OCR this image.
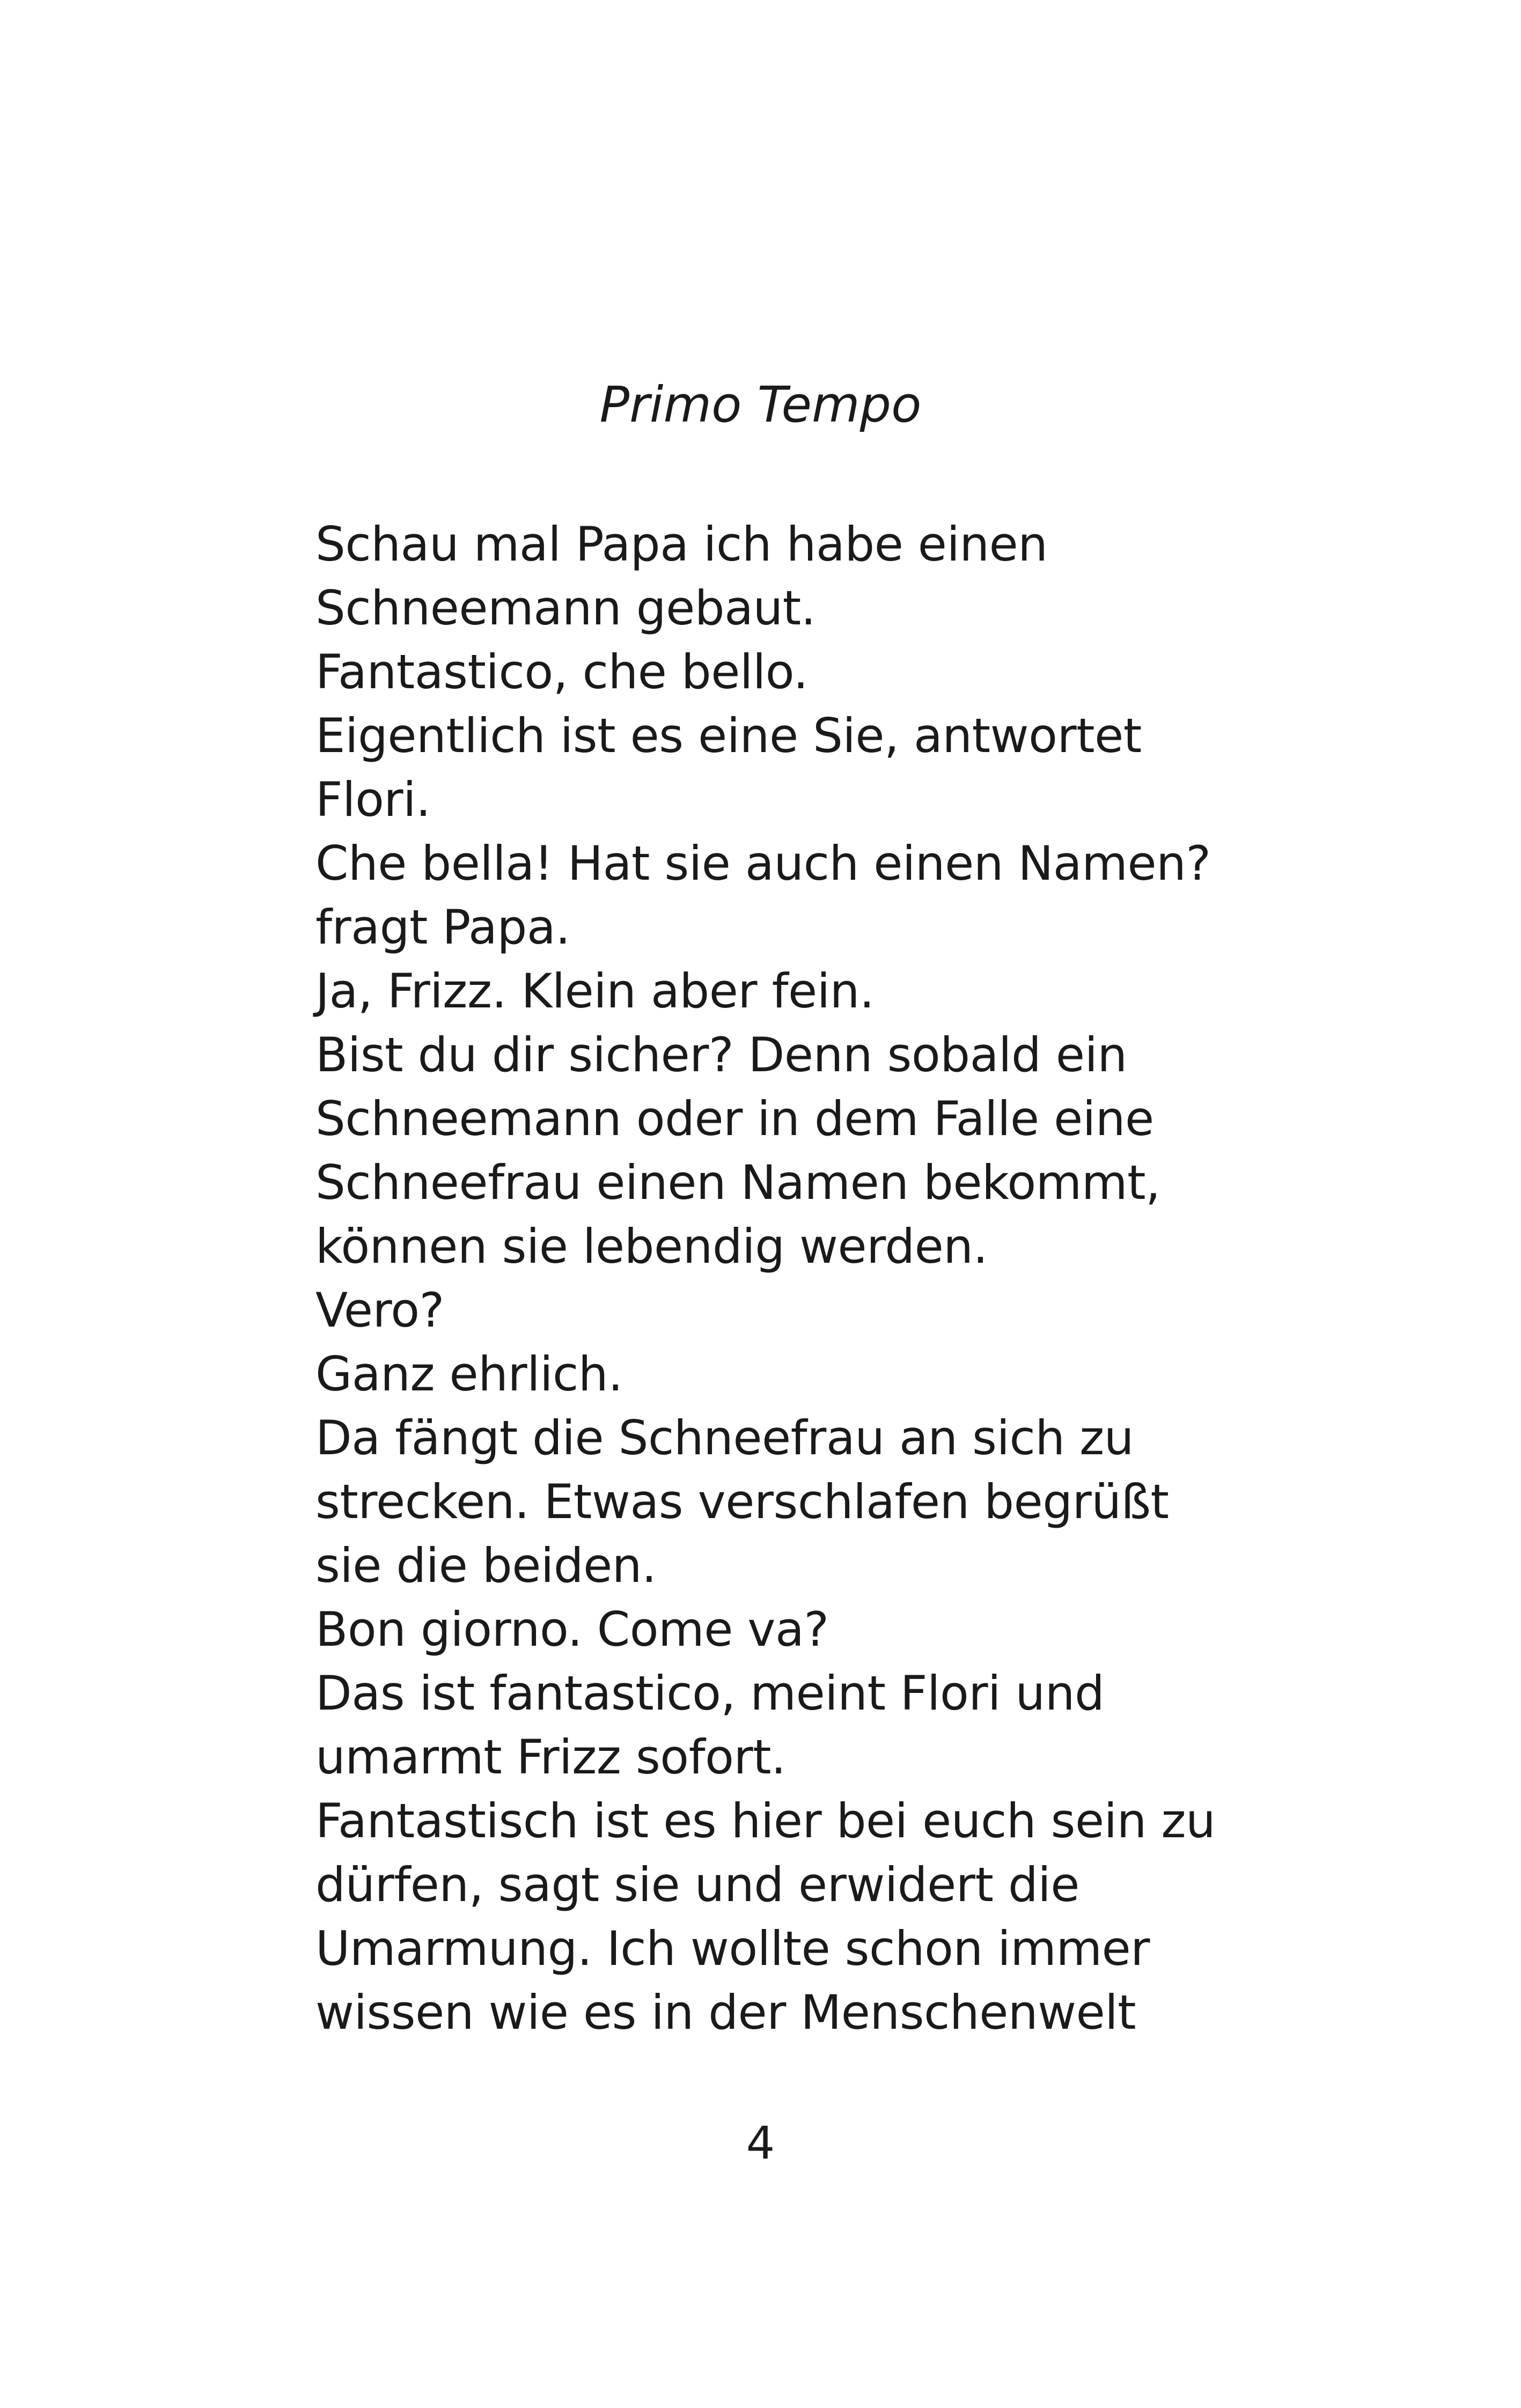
Primo Tempo
Schau mal Papa ich habe einen
Schneemann gebaut.
Fantastico, che bello.
Eigentlich ist es eine Sie, antwortet
Flori.
Che bella! Hat sie auch einen Namen?
fragt Papa.
Ja, Frizz. Klein aber fein.
Bist du dir sicher? Denn sobald ein
Schneemann oder in dem Falle eine
Schneefrau einen Namen bekommt,
können sie lebendig werden.
Vero?
Ganz ehrlich.
Da fängt die Schneefrau an sich zu
strecken. Etwas verschlafen begrüßt
sie die beiden.
Bon giorno. Come va?
Das ist fantastico, meint Flori und
umarmt Frizz sofort.
Fantastisch ist es hier bei euch sein zu
dürfen, sagt sie und erwidert die
Umarmung. Ich wollte schon immer
wissen wie es in der Menschenwelt
4
